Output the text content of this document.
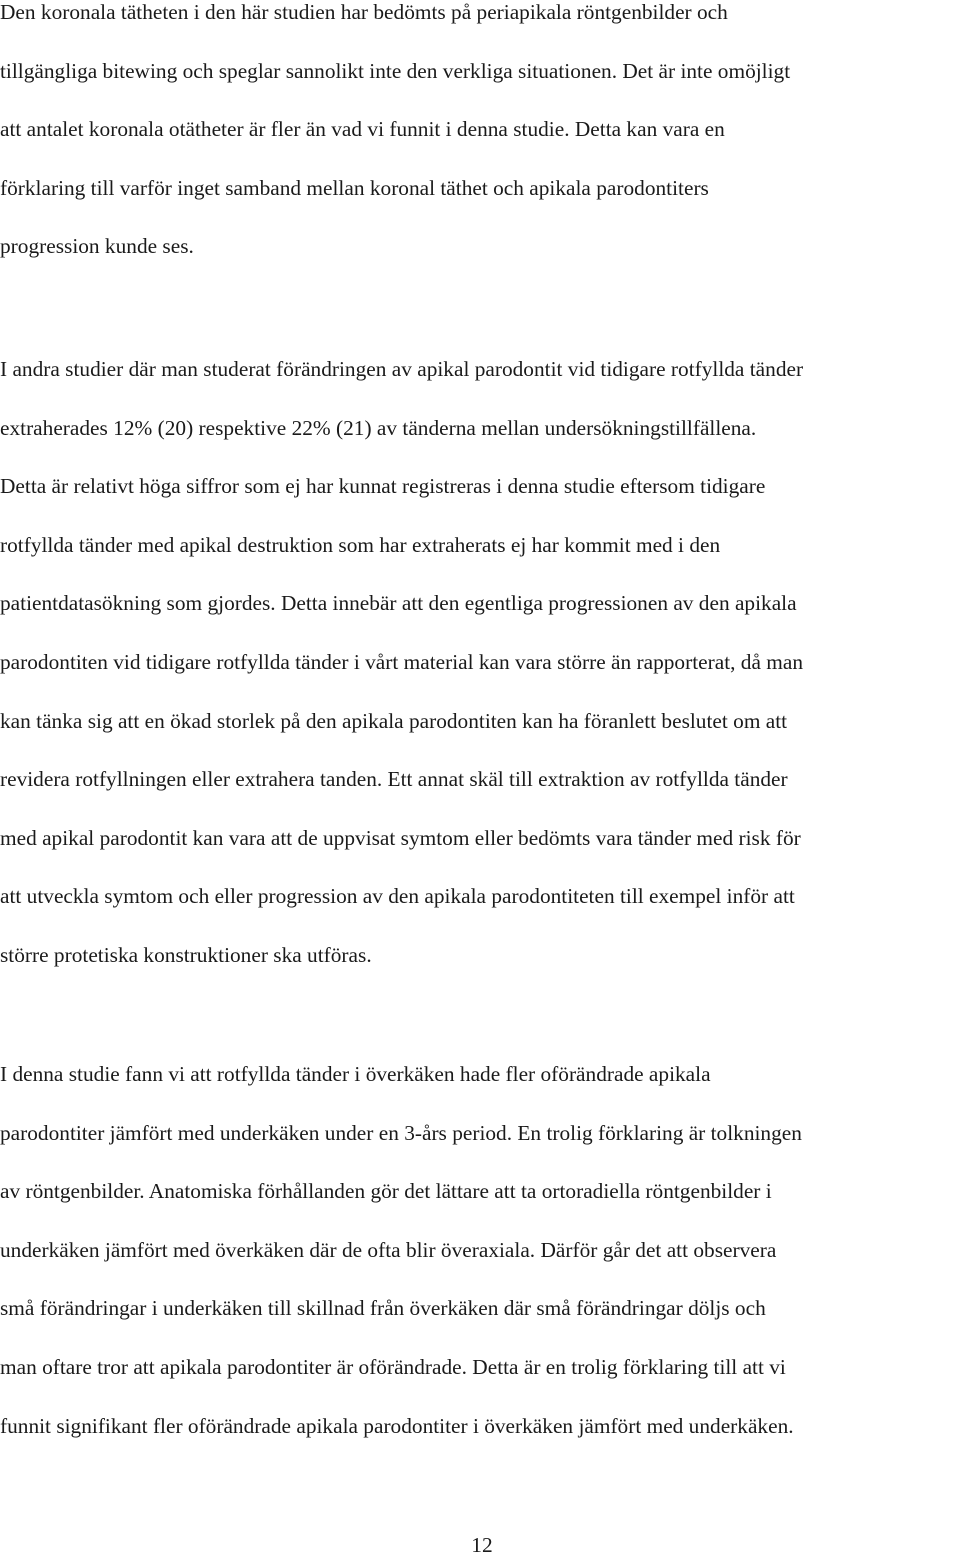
Den koronala tätheten i den här studien har bedömts på periapikala röntgenbilder och
tillgängliga bitewing och speglar sannolikt inte den verkliga situationen. Det är inte omöjligt
att antalet koronala otätheter är fler än vad vi funnit i denna studie. Detta kan vara en
förklaring till varför inget samband mellan koronal täthet och apikala parodontiters
progression kunde ses.

I andra studier där man studerat förändringen av apikal parodontit vid tidigare rotfyllda tänder
extraherades 12% (20) respektive 22% (21) av tänderna mellan undersökningstillfällena.
Detta är relativt höga siffror som ej har kunnat registreras i denna studie eftersom tidigare
rotfyllda tänder med apikal destruktion som har extraherats ej har kommit med i den
patientdatasökning som gjordes. Detta innebär att den egentliga progressionen av den apikala
parodontiten vid tidigare rotfyllda tänder i vårt material kan vara större än rapporterat, då man
kan tänka sig att en ökad storlek på den apikala parodontiten kan ha föranlett beslutet om att
revidera rotfyllningen eller extrahera tanden. Ett annat skäl till extraktion av rotfyllda tänder
med apikal parodontit kan vara att de uppvisat symtom eller bedömts vara tänder med risk för
att utveckla symtom och eller progression av den apikala parodontiteten till exempel inför att
större protetiska konstruktioner ska utföras.

I denna studie fann vi att rotfyllda tänder i överkäken hade fler oförändrade apikala
parodontiter jämfört med underkäken under en 3-års period. En trolig förklaring är tolkningen
av röntgenbilder. Anatomiska förhållanden gör det lättare att ta ortoradiella röntgenbilder i
underkäken jämfört med överkäken där de ofta blir överaxiala. Därför går det att observera
små förändringar i underkäken till skillnad från överkäken där små förändringar döljs och
man oftare tror att apikala parodontiter är oförändrade. Detta är en trolig förklaring till att vi
funnit signifikant fler oförändrade apikala parodontiter i överkäken jämfört med underkäken.

12
